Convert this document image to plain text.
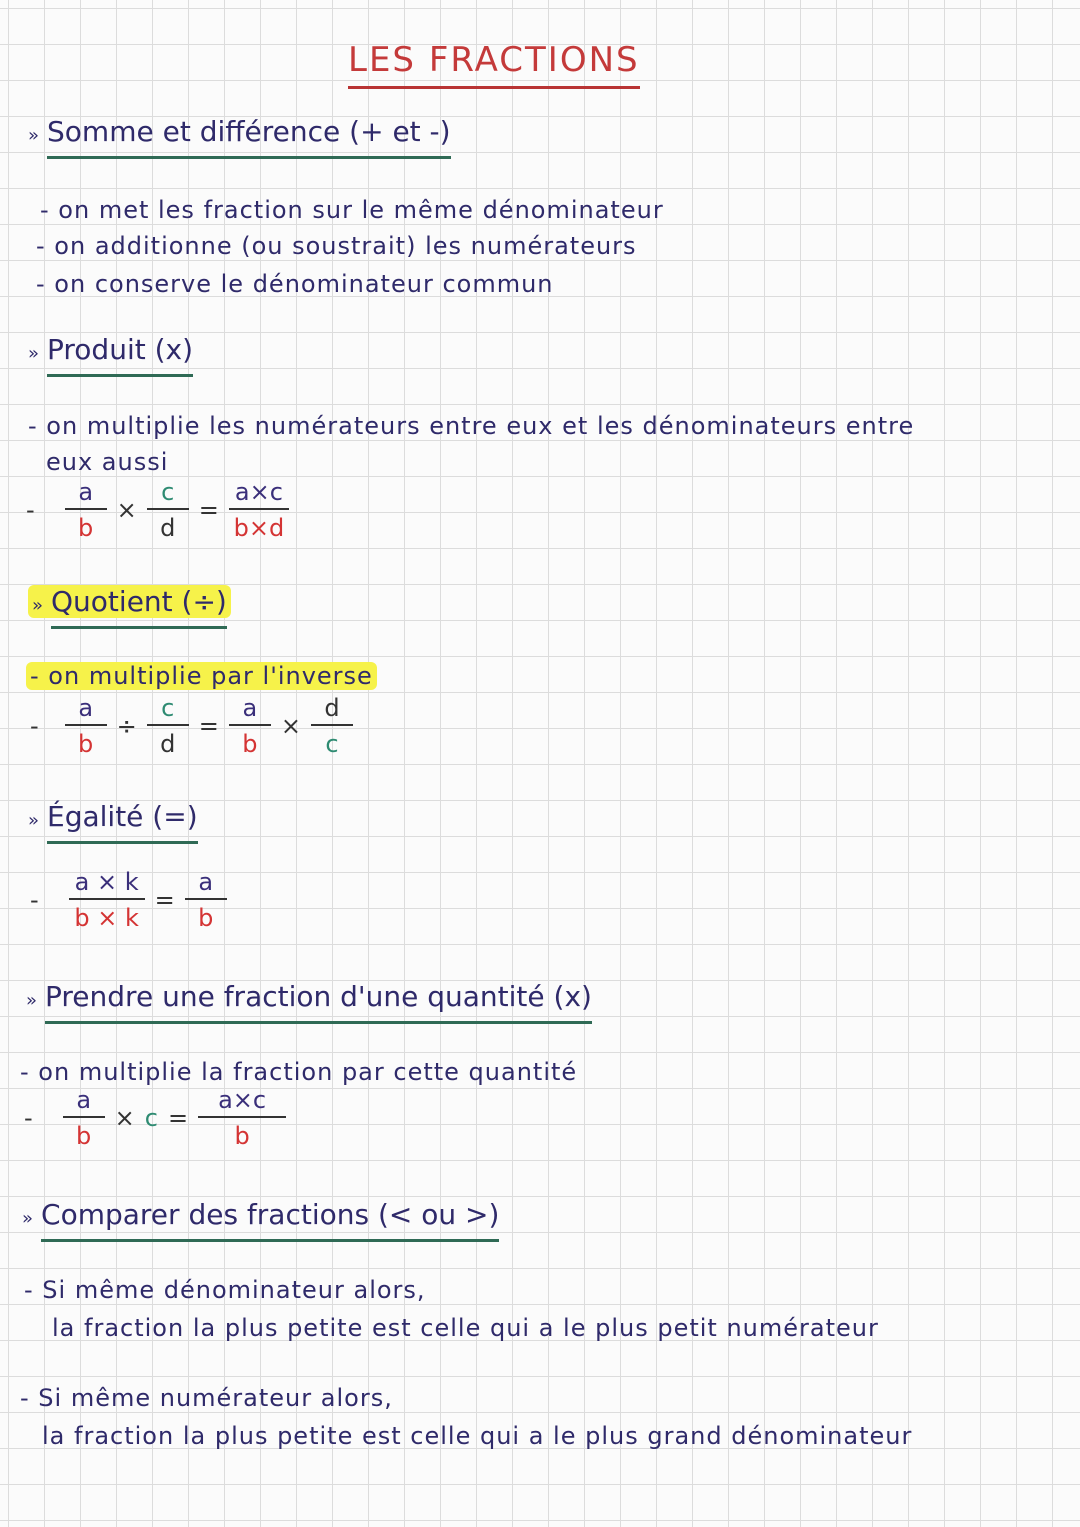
LES FRACTIONS
» Somme et différence (+ et -)
- on met les fraction sur le même dénominateur
- on additionne (ou soustrait) les numérateurs
- on conserve le dénominateur commun
» Produit (x)
- on multiplie les numérateurs entre eux et les dénominateurs entre
eux aussi
- $\frac{a}{b} \times \frac{c}{d} = \frac{a\times c}{b\times d}$
» Quotient (÷)
- on multiplie par l'inverse
- $\frac{a}{b} \div \frac{c}{d} = \frac{a}{b} \times \frac{d}{c}$
» Égalité (=)
- $\frac{a \times k}{b \times k} = \frac{a}{b}$
» Prendre une fraction d'une quantité (x)
- on multiplie la fraction par cette quantité
- $\frac{a}{b} \times c = \frac{a\times c}{b}$
» Comparer des fractions (< ou >)
- Si même dénominateur alors,
la fraction la plus petite est celle qui a le plus petit numérateur
- Si même numérateur alors,
la fraction la plus petite est celle qui a le plus grand dénominateur
